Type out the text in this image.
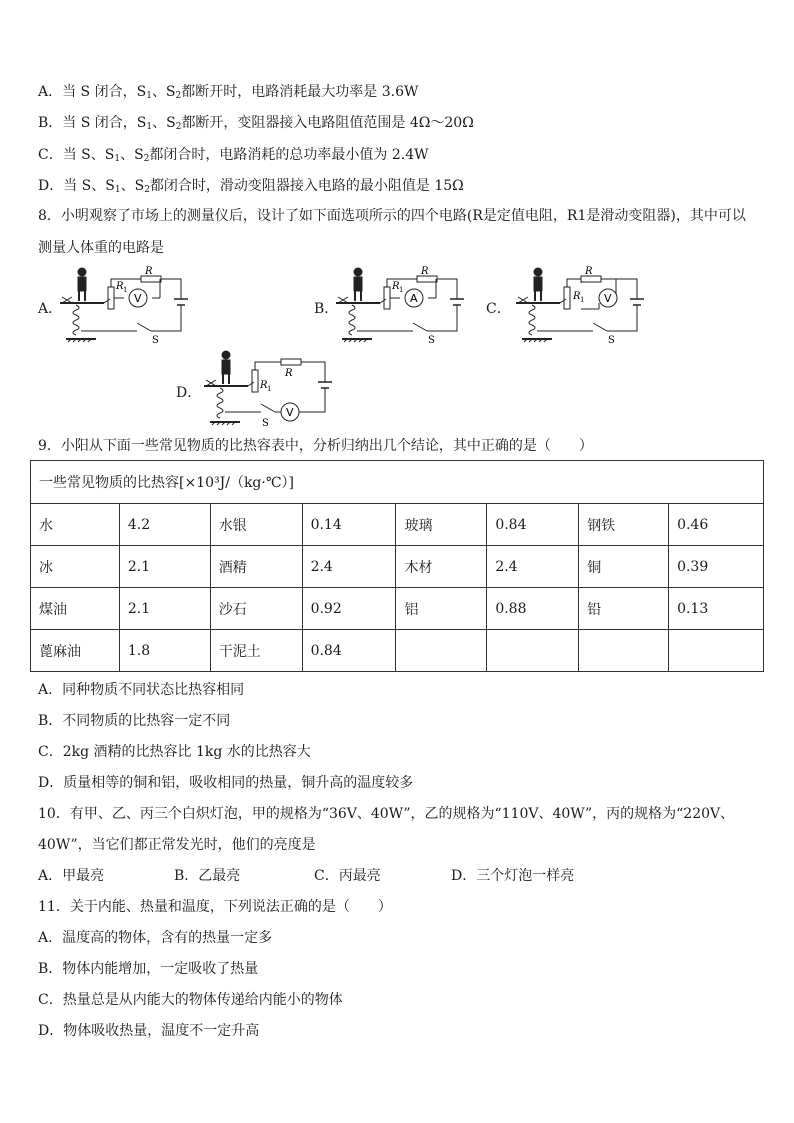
A．当 S 闭合，$S_1$、$S_2$都断开时，电路消耗最大功率是 3.6W
B．当 S 闭合，$S_1$、$S_2$都断开，变阻器接入电路阻值范围是 4Ω～20Ω
C．当 S、$S_1$、$S_2$都闭合时，电路消耗的总功率最小值为 2.4W
D．当 S、$S_1$、$S_2$都闭合时，滑动变阻器接入电路的最小阻值是 15Ω
8．小明观察了市场上的测量仪后，设计了如下面选项所示的四个电路(R是定值电阻，R1是滑动变阻器)，其中可以测量人体重的电路是
A．	B．	C．
D．
V
R
R 1
S
A
R
R 1
S
V
R
R 1
S
V
R
R 1
S
9．小阳从下面一些常见物质的比热容表中，分析归纳出几个结论，其中正确的是（　　）
一些常见物质的比热容[×10³J/（kg·℃）]							
水	4.2	水银	0.14	玻璃	0.84	钢铁	0.46
冰	2.1	酒精	2.4	木材	2.4	铜	0.39
煤油	2.1	沙石	0.92	铝	0.88	铅	0.13
蓖麻油	1.8	干泥土	0.84				
A．同种物质不同状态比热容相同
B．不同物质的比热容一定不同
C．2kg 酒精的比热容比 1kg 水的比热容大
D．质量相等的铜和铝，吸收相同的热量，铜升高的温度较多
10．有甲、乙、丙三个白炽灯泡，甲的规格为“36V、40W”，乙的规格为“110V、40W”，丙的规格为“220V、
40W”，当它们都正常发光时，他们的亮度是
A．甲最亮	B．乙最亮	C．丙最亮	D．三个灯泡一样亮
11．关于内能、热量和温度，下列说法正确的是（　　）
A．温度高的物体，含有的热量一定多
B．物体内能增加，一定吸收了热量
C．热量总是从内能大的物体传递给内能小的物体
D．物体吸收热量，温度不一定升高
